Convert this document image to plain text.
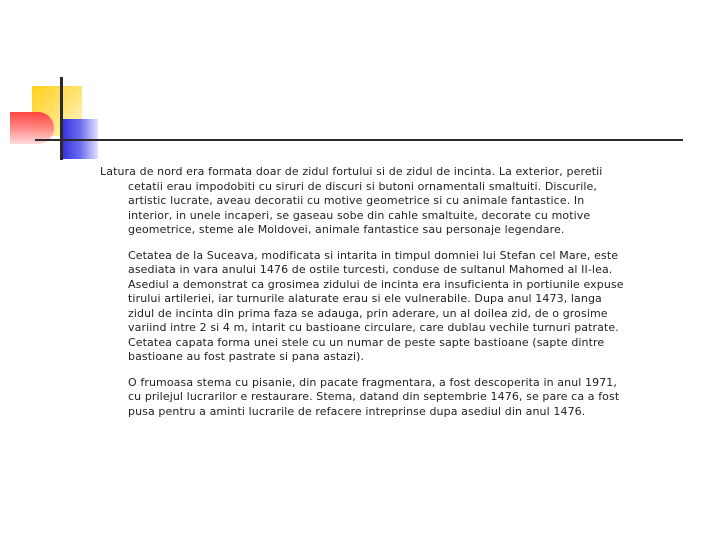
Latura de nord era formata doar de zidul fortului si de zidul de incinta. La exterior, peretii cetatii erau impodobiti cu siruri de discuri si butoni ornamentali smaltuiti. Discurile, artistic lucrate, aveau decoratii cu motive geometrice si cu animale fantastice. In interior, in unele incaperi, se gaseau sobe din cahle smaltuite, decorate cu motive geometrice, steme ale Moldovei, animale fantastice sau personaje legendare.

Cetatea de la Suceava, modificata si intarita in timpul domniei lui Stefan cel Mare, este asediata in vara anului 1476 de ostile turcesti, conduse de sultanul Mahomed al II-lea. Asediul a demonstrat ca grosimea zidului de incinta era insuficienta in portiunile expuse tirului artileriei, iar turnurile alaturate erau si ele vulnerabile. Dupa anul 1473, langa zidul de incinta din prima faza se adauga, prin aderare, un al doilea zid, de o grosime variind intre 2 si 4 m, intarit cu bastioane circulare, care dublau vechile turnuri patrate. Cetatea capata forma unei stele cu un numar de peste sapte bastioane (sapte dintre bastioane au fost pastrate si pana astazi).

O frumoasa stema cu pisanie, din pacate fragmentara, a fost descoperita in anul 1971, cu prilejul lucrarilor e restaurare. Stema, datand din septembrie 1476, se pare ca a fost pusa pentru a aminti lucrarile de refacere intreprinse dupa asediul din anul 1476.
